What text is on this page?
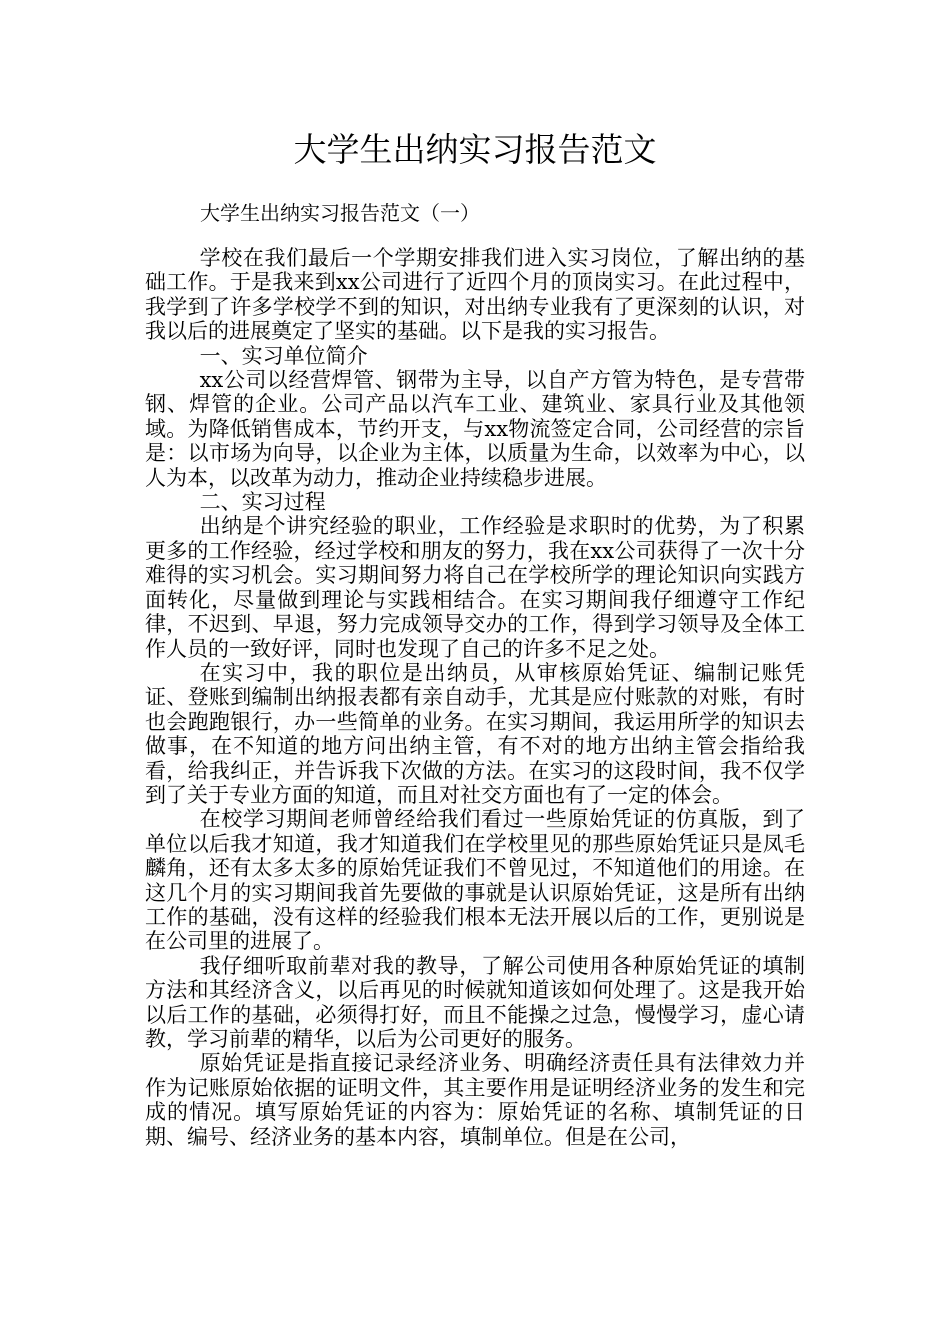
大学生出纳实习报告范文
大学生出纳实习报告范文（一）

学校在我们最后一个学期安排我们进入实习岗位，了解出纳的基础工作。于是我来到xx公司进行了近四个月的顶岗实习。在此过程中，我学到了许多学校学不到的知识，对出纳专业我有了更深刻的认识，对我以后的进展奠定了坚实的基础。以下是我的实习报告。

一、实习单位简介

xx公司以经营焊管、钢带为主导，以自产方管为特色，是专营带钢、焊管的企业。公司产品以汽车工业、建筑业、家具行业及其他领域。为降低销售成本，节约开支，与xx物流签定合同，公司经营的宗旨是：以市场为向导，以企业为主体，以质量为生命，以效率为中心，以人为本，以改革为动力，推动企业持续稳步进展。

二、实习过程

出纳是个讲究经验的职业，工作经验是求职时的优势，为了积累更多的工作经验，经过学校和朋友的努力，我在xx公司获得了一次十分难得的实习机会。实习期间努力将自己在学校所学的理论知识向实践方面转化，尽量做到理论与实践相结合。在实习期间我仔细遵守工作纪律，不迟到、早退，努力完成领导交办的工作，得到学习领导及全体工作人员的一致好评，同时也发现了自己的许多不足之处。

在实习中，我的职位是出纳员，从审核原始凭证、编制记账凭证、登账到编制出纳报表都有亲自动手，尤其是应付账款的对账，有时也会跑跑银行，办一些简单的业务。在实习期间，我运用所学的知识去做事，在不知道的地方问出纳主管，有不对的地方出纳主管会指给我看，给我纠正，并告诉我下次做的方法。在实习的这段时间，我不仅学到了关于专业方面的知道，而且对社交方面也有了一定的体会。

在校学习期间老师曾经给我们看过一些原始凭证的仿真版，到了单位以后我才知道，我才知道我们在学校里见的那些原始凭证只是凤毛麟角，还有太多太多的原始凭证我们不曾见过，不知道他们的用途。在这几个月的实习期间我首先要做的事就是认识原始凭证，这是所有出纳工作的基础，没有这样的经验我们根本无法开展以后的工作，更别说是在公司里的进展了。

我仔细听取前辈对我的教导，了解公司使用各种原始凭证的填制方法和其经济含义，以后再见的时候就知道该如何处理了。这是我开始以后工作的基础，必须得打好，而且不能操之过急，慢慢学习，虚心请教，学习前辈的精华，以后为公司更好的服务。

原始凭证是指直接记录经济业务、明确经济责任具有法律效力并作为记账原始依据的证明文件，其主要作用是证明经济业务的发生和完成的情况。填写原始凭证的内容为：原始凭证的名称、填制凭证的日期、编号、经济业务的基本内容，填制单位。但是在公司，
